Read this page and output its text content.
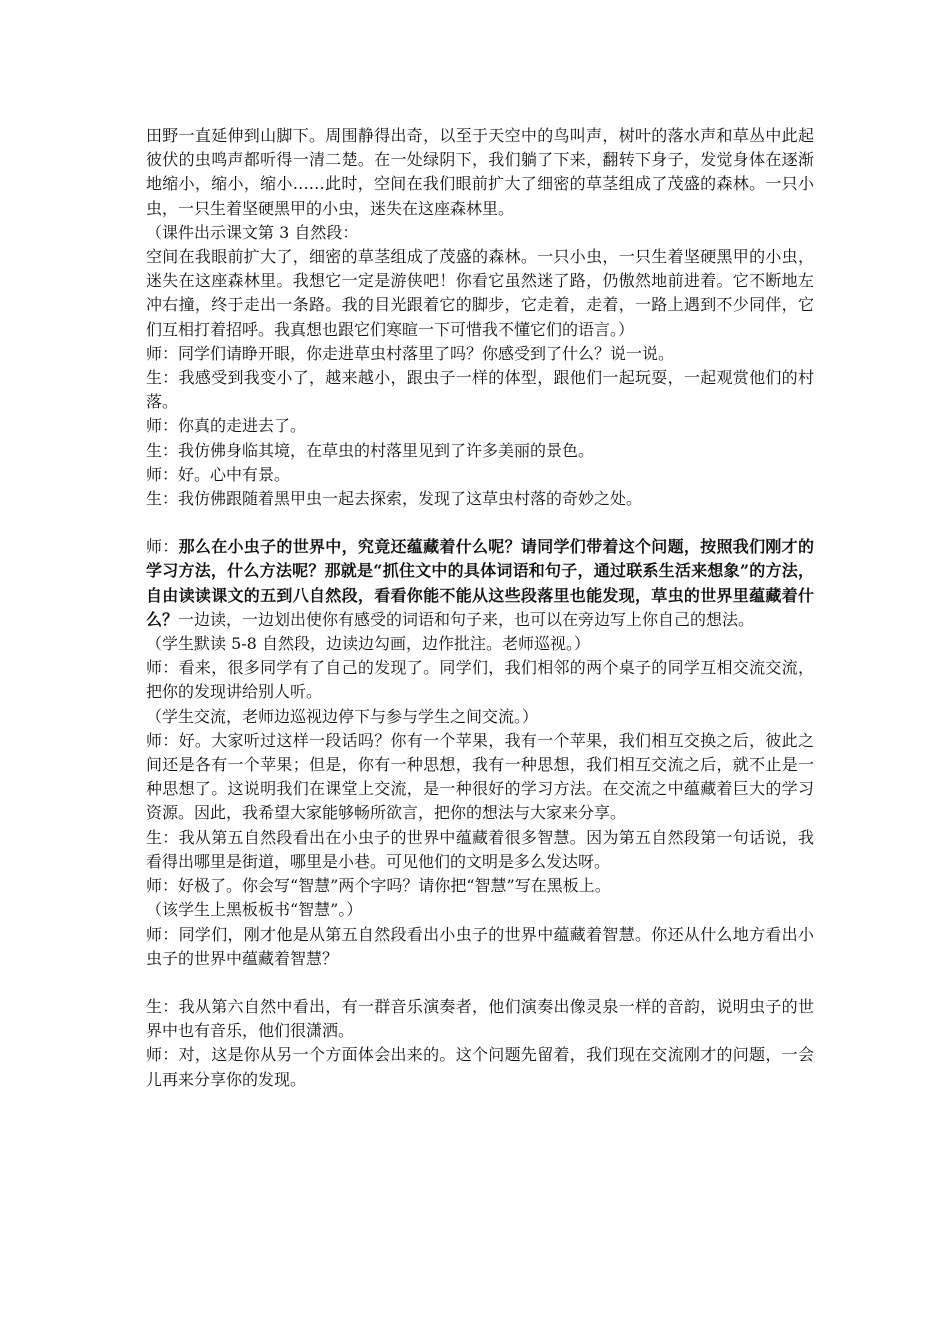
田野一直延伸到山脚下。周围静得出奇，以至于天空中的鸟叫声，树叶的落水声和草丛中此起彼伏的虫鸣声都听得一清二楚。在一处绿阴下，我们躺了下来，翻转下身子，发觉身体在逐渐地缩小，缩小，缩小……此时，空间在我们眼前扩大了细密的草茎组成了茂盛的森林。一只小虫，一只生着坚硬黑甲的小虫，迷失在这座森林里。

（课件出示课文第 3 自然段：

空间在我眼前扩大了，细密的草茎组成了茂盛的森林。一只小虫，一只生着坚硬黑甲的小虫，迷失在这座森林里。我想它一定是游侠吧！你看它虽然迷了路，仍傲然地前进着。它不断地左冲右撞，终于走出一条路。我的目光跟着它的脚步，它走着，走着，一路上遇到不少同伴，它们互相打着招呼。我真想也跟它们寒暄一下可惜我不懂它们的语言。）

师：同学们请睁开眼，你走进草虫村落里了吗？你感受到了什么？说一说。

生：我感受到我变小了，越来越小，跟虫子一样的体型，跟他们一起玩耍，一起观赏他们的村落。

师：你真的走进去了。

生：我仿佛身临其境，在草虫的村落里见到了许多美丽的景色。

师：好。心中有景。

生：我仿佛跟随着黑甲虫一起去探索，发现了这草虫村落的奇妙之处。

师：那么在小虫子的世界中，究竟还蕴藏着什么呢？请同学们带着这个问题，按照我们刚才的学习方法，什么方法呢？那就是“抓住文中的具体词语和句子，通过联系生活来想象”的方法，自由读读课文的五到八自然段，看看你能不能从这些段落里也能发现，草虫的世界里蕴藏着什么？一边读，一边划出使你有感受的词语和句子来，也可以在旁边写上你自己的想法。

（学生默读 5-8 自然段，边读边勾画，边作批注。老师巡视。）

师：看来，很多同学有了自己的发现了。同学们，我们相邻的两个桌子的同学互相交流交流，把你的发现讲给别人听。

（学生交流，老师边巡视边停下与参与学生之间交流。）

师：好。大家听过这样一段话吗？你有一个苹果，我有一个苹果，我们相互交换之后，彼此之间还是各有一个苹果；但是，你有一种思想，我有一种思想，我们相互交流之后，就不止是一种思想了。这说明我们在课堂上交流，是一种很好的学习方法。在交流之中蕴藏着巨大的学习资源。因此，我希望大家能够畅所欲言，把你的想法与大家来分享。

生：我从第五自然段看出在小虫子的世界中蕴藏着很多智慧。因为第五自然段第一句话说，我看得出哪里是街道，哪里是小巷。可见他们的文明是多么发达呀。

师：好极了。你会写“智慧”两个字吗？请你把“智慧”写在黑板上。

（该学生上黑板板书“智慧”。）

师：同学们，刚才他是从第五自然段看出小虫子的世界中蕴藏着智慧。你还从什么地方看出小虫子的世界中蕴藏着智慧？

生：我从第六自然中看出，有一群音乐演奏者，他们演奏出像灵泉一样的音韵，说明虫子的世界中也有音乐，他们很潇洒。

师：对，这是你从另一个方面体会出来的。这个问题先留着，我们现在交流刚才的问题，一会儿再来分享你的发现。
